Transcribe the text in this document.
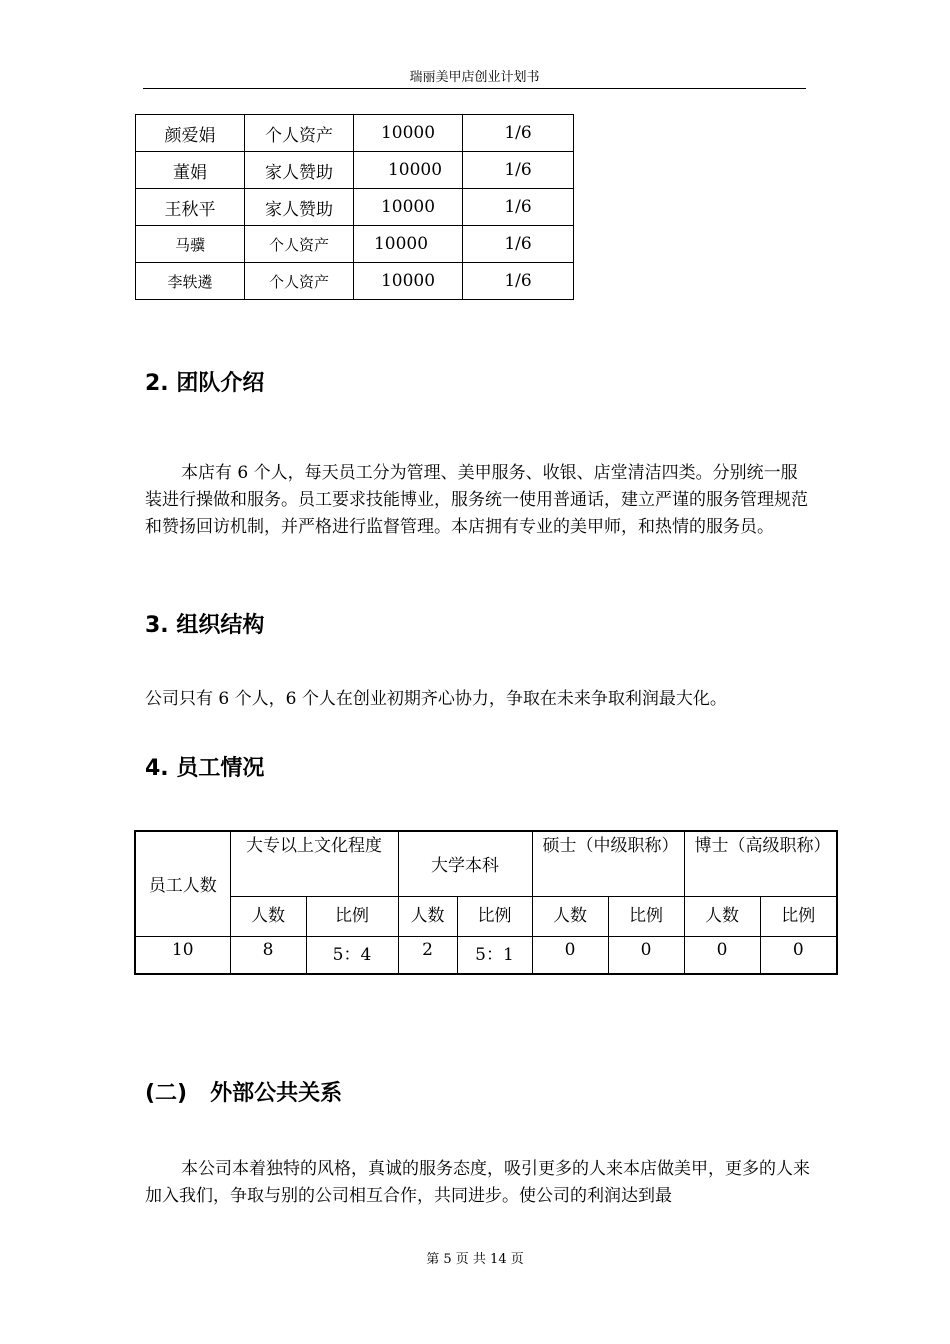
瑞丽美甲店创业计划书
颜爱娟	个人资产	10000	1/6
董娟	家人赞助	10000	1/6
王秋平	家人赞助	10000	1/6
马骥	个人资产	10000	1/6
李轶遴	个人资产	10000	1/6
2. 团队介绍

本店有 6 个人，每天员工分为管理、美甲服务、收银、店堂清洁四类。分别统一服装进行操做和服务。员工要求技能博业，服务统一使用普通话，建立严谨的服务管理规范和赞扬回访机制，并严格进行监督管理。本店拥有专业的美甲师，和热情的服务员。

3. 组织结构

公司只有 6 个人，6 个人在创业初期齐心协力，争取在未来争取利润最大化。

4. 员工情况
员工人数	大专以上文化程度		大学本科		硕士（中级职称）		博士（高级职称）	
	人数	比例	人数	比例	人数	比例	人数	比例
10	8	5：4	2	5：1	0	0	0	0
(二)   外部公共关系

本公司本着独特的风格，真诚的服务态度，吸引更多的人来本店做美甲，更多的人来加入我们，争取与别的公司相互合作，共同进步。使公司的利润达到最

第 5 页 共 14 页
